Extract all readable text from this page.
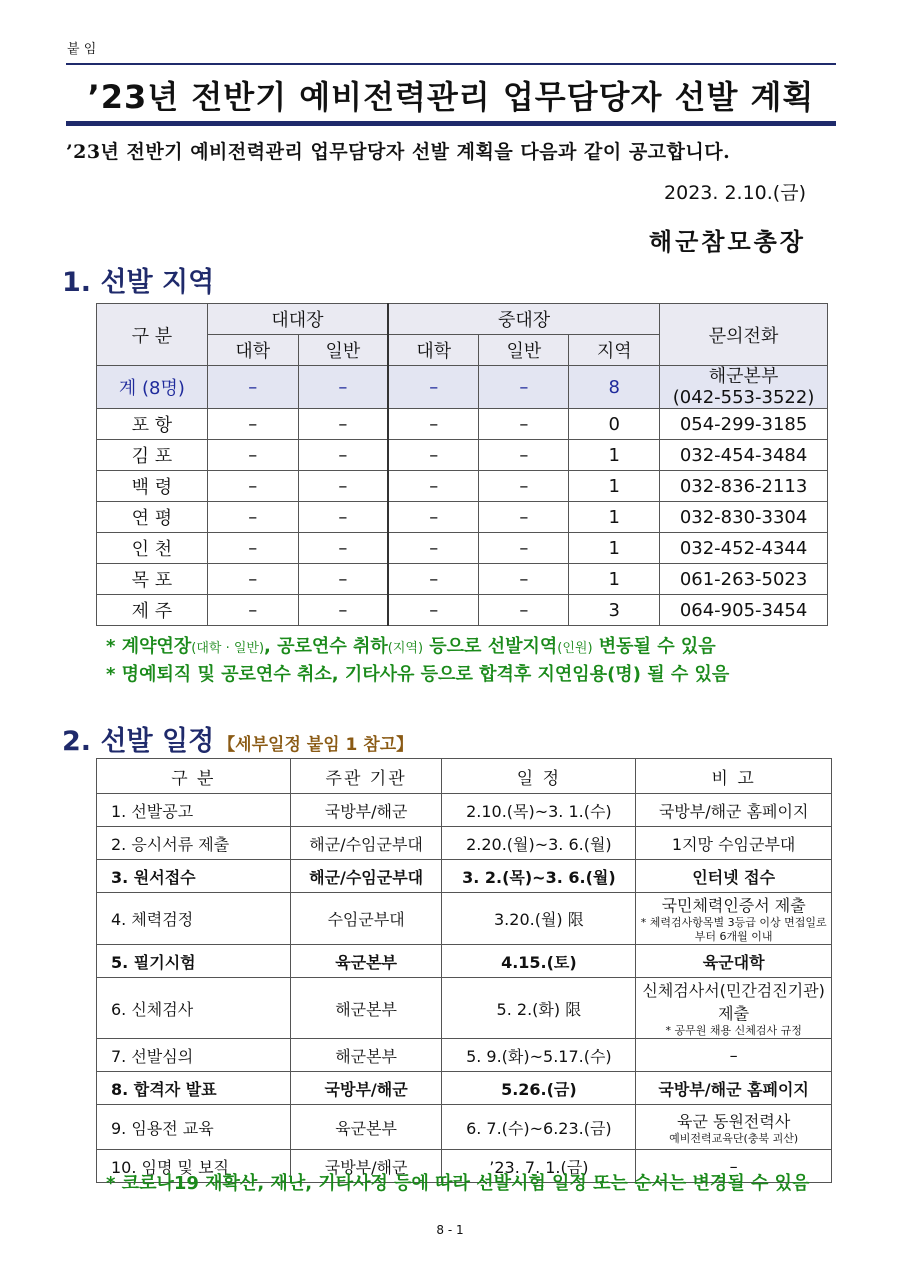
붙 임
’23년 전반기 예비전력관리 업무담당자 선발 계획
’23년 전반기 예비전력관리 업무담당자 선발 계획을 다음과 같이 공고합니다.
2023. 2.10.(금)
해군참모총장
1. 선발 지역
구 분	대대장		중대장			문의전화
	대학	일반	대학	일반	지역	
계 (8명)	–	–	–	–	8	해군본부
(042-553-3522)

포 항	–	–	–	–	0	054-299-3185
김 포	–	–	–	–	1	032-454-3484
백 령	–	–	–	–	1	032-836-2113
연 평	–	–	–	–	1	032-830-3304
인 천	–	–	–	–	1	032-452-4344
목 포	–	–	–	–	1	061-263-5023
제 주	–	–	–	–	3	064-905-3454
* 계약연장(대학 · 일반), 공로연수 취하(지역) 등으로 선발지역(인원) 변동될 수 있음
* 명예퇴직 및 공로연수 취소, 기타사유 등으로 합격후 지연임용(명) 될 수 있음
2. 선발 일정 【세부일정 붙임 1 참고】
구 분	주관 기관	일 정	비 고
1. 선발공고	국방부/해군	2.10.(목)~3. 1.(수)	국방부/해군 홈페이지

2. 응시서류 제출	해군/수임군부대	2.20.(월)~3. 6.(월)	1지망 수임군부대

3. 원서접수	해군/수임군부대	3. 2.(목)~3. 6.(월)	인터넷 접수

4. 체력검정	수임군부대	3.20.(월) 限	국민체력인증서 제출
* 체력검사항목별 3등급 이상 면접일로부터 6개월 이내

5. 필기시험	육군본부	4.15.(토)	육군대학

6. 신체검사	해군본부	5. 2.(화) 限	신체검사서(민간검진기관) 제출
* 공무원 채용 신체검사 규정

7. 선발심의	해군본부	5. 9.(화)~5.17.(수)	–

8. 합격자 발표	국방부/해군	5.26.(금)	국방부/해군 홈페이지

9. 임용전 교육	육군본부	6. 7.(수)~6.23.(금)	육군 동원전력사
예비전력교육단(충북 괴산)

10. 임명 및 보직	국방부/해군	’23. 7. 1.(금)	–
* 코로나19 재확산, 재난, 기타사정 등에 따라 선발시험 일정 또는 순서는 변경될 수 있음
8 - 1
